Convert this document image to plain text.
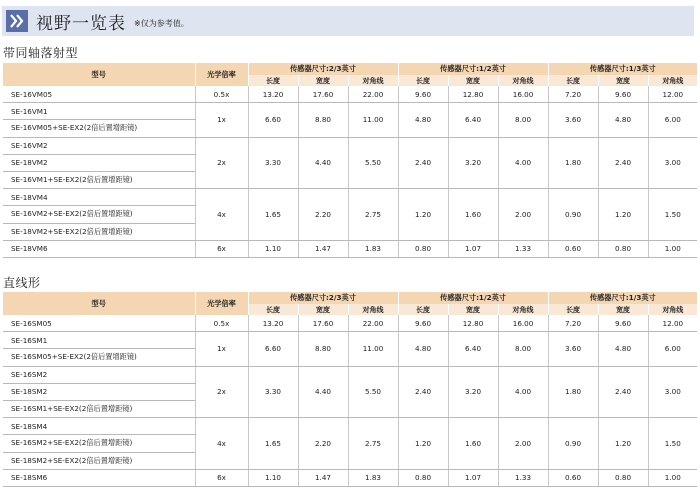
视野一览表 ※仅为参考值。
带同轴落射型
型号	光学倍率	传感器尺寸:2/3英寸			传感器尺寸:1/2英寸			传感器尺寸:1/3英寸		
		长度	宽度	对角线	长度	宽度	对角线	长度	宽度	对角线
SE-16VM05	0.5x	13.20	17.60	22.00	9.60	12.80	16.00	7.20	9.60	12.00
SE-16VM1	1x	6.60	8.80	11.00	4.80	6.40	8.00	3.60	4.80	6.00
SE-16VM05+SE-EX2(2倍后置增距镜)										
SE-16VM2	2x	3.30	4.40	5.50	2.40	3.20	4.00	1.80	2.40	3.00
SE-18VM2										
SE-16VM1+SE-EX2(2倍后置增距镜)										
SE-18VM4	4x	1.65	2.20	2.75	1.20	1.60	2.00	0.90	1.20	1.50
SE-16VM2+SE-EX2(2倍后置增距镜)										
SE-18VM2+SE-EX2(2倍后置增距镜)										
SE-18VM6	6x	1.10	1.47	1.83	0.80	1.07	1.33	0.60	0.80	1.00
直线形
型号	光学倍率	传感器尺寸:2/3英寸			传感器尺寸:1/2英寸			传感器尺寸:1/3英寸		
		长度	宽度	对角线	长度	宽度	对角线	长度	宽度	对角线
SE-16SM05	0.5x	13.20	17.60	22.00	9.60	12.80	16.00	7.20	9.60	12.00
SE-16SM1	1x	6.60	8.80	11.00	4.80	6.40	8.00	3.60	4.80	6.00
SE-16SM05+SE-EX2(2倍后置增距镜)										
SE-16SM2	2x	3.30	4.40	5.50	2.40	3.20	4.00	1.80	2.40	3.00
SE-18SM2										
SE-16SM1+SE-EX2(2倍后置增距镜)										
SE-18SM4	4x	1.65	2.20	2.75	1.20	1.60	2.00	0.90	1.20	1.50
SE-16SM2+SE-EX2(2倍后置增距镜)										
SE-18SM2+SE-EX2(2倍后置增距镜)										
SE-18SM6	6x	1.10	1.47	1.83	0.80	1.07	1.33	0.60	0.80	1.00
